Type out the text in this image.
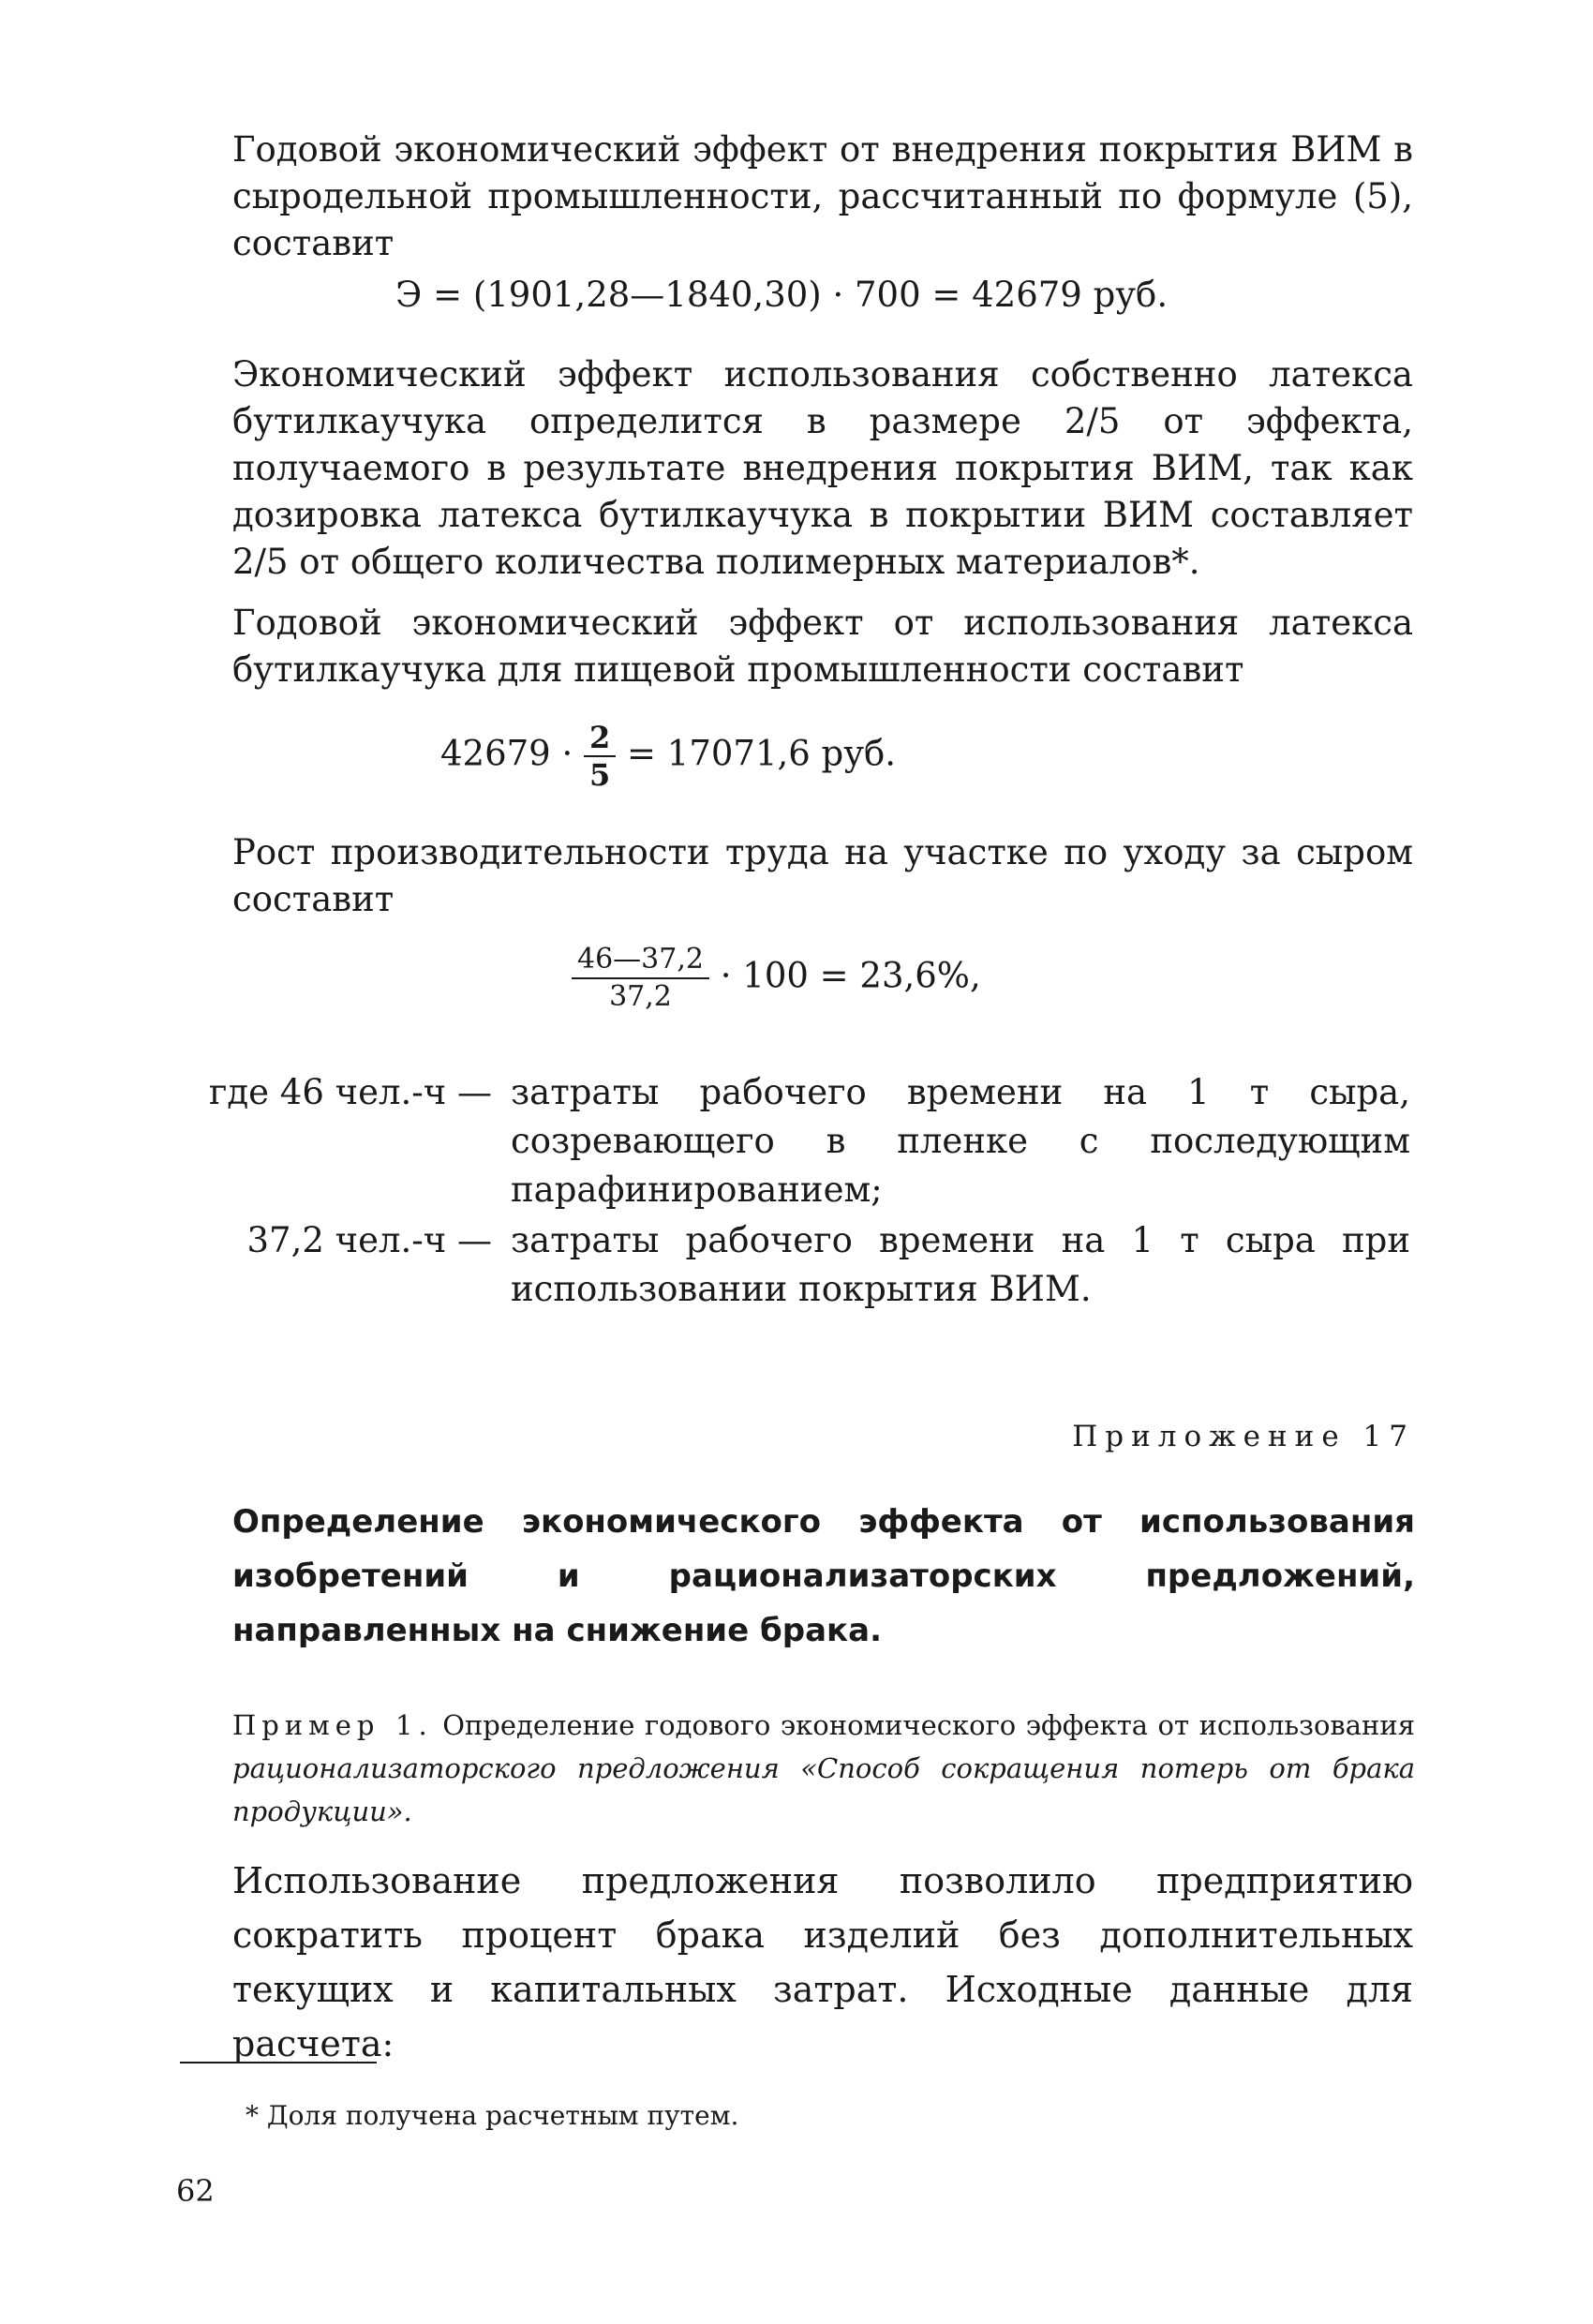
Годовой экономический эффект от внедрения покрытия ВИМ в сыродельной промышленности, рассчитанный по формуле (5), составит

Э = (1901,28—1840,30) · 700 = 42679 руб.

Экономический эффект использования собственно латекса бутилкаучука определится в размере 2/5 от эффекта, получаемого в результате внедрения покрытия ВИМ, так как дозировка латекса бутилкаучука в покрытии ВИМ составляет 2/5 от общего количества полимерных материалов*.

Годовой экономический эффект от использования латекса бутилкаучука для пищевой промышленности составит

$42679 \cdot \frac{2}{5} = 17071,6$ руб.

Рост производительности труда на участке по уходу за сыром составит

$\frac{46—37,2}{37,2} \cdot 100 = 23,6\%$,
где 46 чел.-ч — затраты рабочего времени на 1 т сыра, созревающего в пленке с последующим парафинированием;
37,2 чел.-ч — затраты рабочего времени на 1 т сыра при использовании покрытия ВИМ.
Приложение 17

Определение экономического эффекта от использования изобретений и рационализаторских предложений, направленных на снижение брака.

Пример 1. Определение годового экономического эффекта от использования рационализаторского предложения «Способ сокращения потерь от брака продукции».

Использование предложения позволило предприятию сократить процент брака изделий без дополнительных текущих и капитальных затрат. Исходные данные для расчета:

* Доля получена расчетным путем.
62
